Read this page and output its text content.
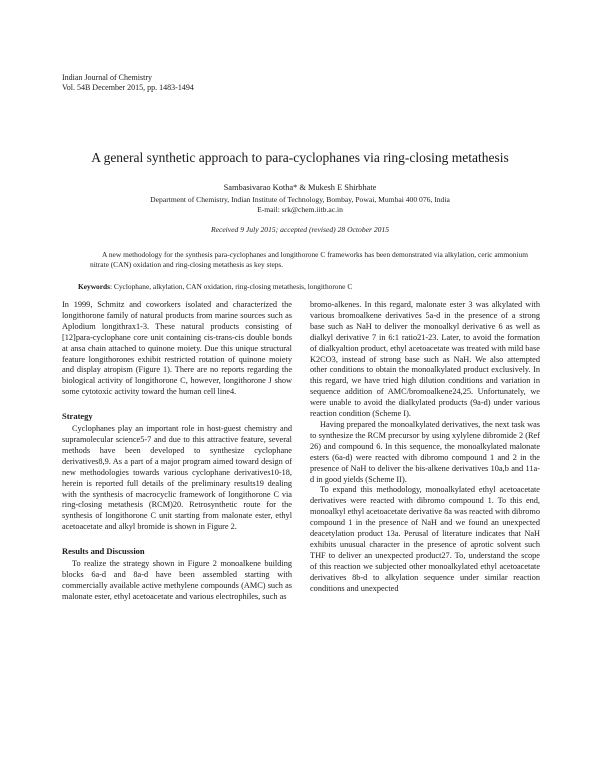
Indian Journal of Chemistry
Vol. 54B December 2015, pp. 1483-1494
A general synthetic approach to para-cyclophanes via ring-closing metathesis
Sambasivarao Kotha* & Mukesh E Shirbhate
Department of Chemistry, Indian Institute of Technology, Bombay, Powai, Mumbai 400 076, India
E-mail: srk@chem.iitb.ac.in
Received 9 July 2015; accepted (revised) 28 October 2015
A new methodology for the synthesis para-cyclophanes and longithorone C frameworks has been demonstrated via alkylation, ceric ammonium nitrate (CAN) oxidation and ring-closing metathesis as key steps.
Keywords: Cyclophane, alkylation, CAN oxidation, ring-closing metathesis, longithorone C

In 1999, Schmitz and coworkers isolated and characterized the longithorone family of natural products from marine sources such as Aplodium longithrax1-3. These natural products consisting of [12]para-cyclophane core unit containing cis-trans-cis double bonds at ansa chain attached to quinone moiety. Due this unique structural feature longithorones exhibit restricted rotation of quinone moiety and display atropism (Figure 1). There are no reports regarding the biological activity of longithorone C, however, longithorone J show some cytotoxic activity toward the human cell line4.

Strategy

Cyclophanes play an important role in host-guest chemistry and supramolecular science5-7 and due to this attractive feature, several methods have been developed to synthesize cyclophane derivatives8,9. As a part of a major program aimed toward design of new methodologies towards various cyclophane derivatives10-18, herein is reported full details of the preliminary results19 dealing with the synthesis of macrocyclic framework of longithorone C via ring-closing metathesis (RCM)20. Retrosynthetic route for the synthesis of longithorone C unit starting from malonate ester, ethyl acetoacetate and alkyl bromide is shown in Figure 2.

Results and Discussion

To realize the strategy shown in Figure 2 monoalkene building blocks 6a-d and 8a-d have been assembled starting with commercially available active methylene compounds (AMC) such as malonate ester, ethyl acetoacetate and various electrophiles, such as

bromo-alkenes. In this regard, malonate ester 3 was alkylated with various bromoalkene derivatives 5a-d in the presence of a strong base such as NaH to deliver the monoalkyl derivative 6 as well as dialkyl derivative 7 in 6:1 ratio21-23. Later, to avoid the formation of dialkyaltion product, ethyl acetoacetate was treated with mild base K2CO3, instead of strong base such as NaH. We also attempted other conditions to obtain the monoalkylated product exclusively. In this regard, we have tried high dilution conditions and variation in sequence addition of AMC/bromoalkene24,25. Unfortunately, we were unable to avoid the dialkylated products (9a-d) under various reaction condition (Scheme I).

Having prepared the monoalkylated derivatives, the next task was to synthesize the RCM precursor by using xylylene dibromide 2 (Ref 26) and compound 6. In this sequence, the monoalkylated malonate esters (6a-d) were reacted with dibromo compound 1 and 2 in the presence of NaH to deliver the bis-alkene derivatives 10a,b and 11a-d in good yields (Scheme II).

To expand this methodology, monoalkylated ethyl acetoacetate derivatives were reacted with dibromo compound 1. To this end, monoalkyl ethyl acetoacetate derivative 8a was reacted with dibromo compound 1 in the presence of NaH and we found an unexpected deacetylation product 13a. Perusal of literature indicates that NaH exhibits unusual character in the presence of aprotic solvent such THF to deliver an unexpected product27. To, understand the scope of this reaction we subjected other monoalkylated ethyl acetoacetate derivatives 8b-d to alkylation sequence under similar reaction conditions and unexpected
